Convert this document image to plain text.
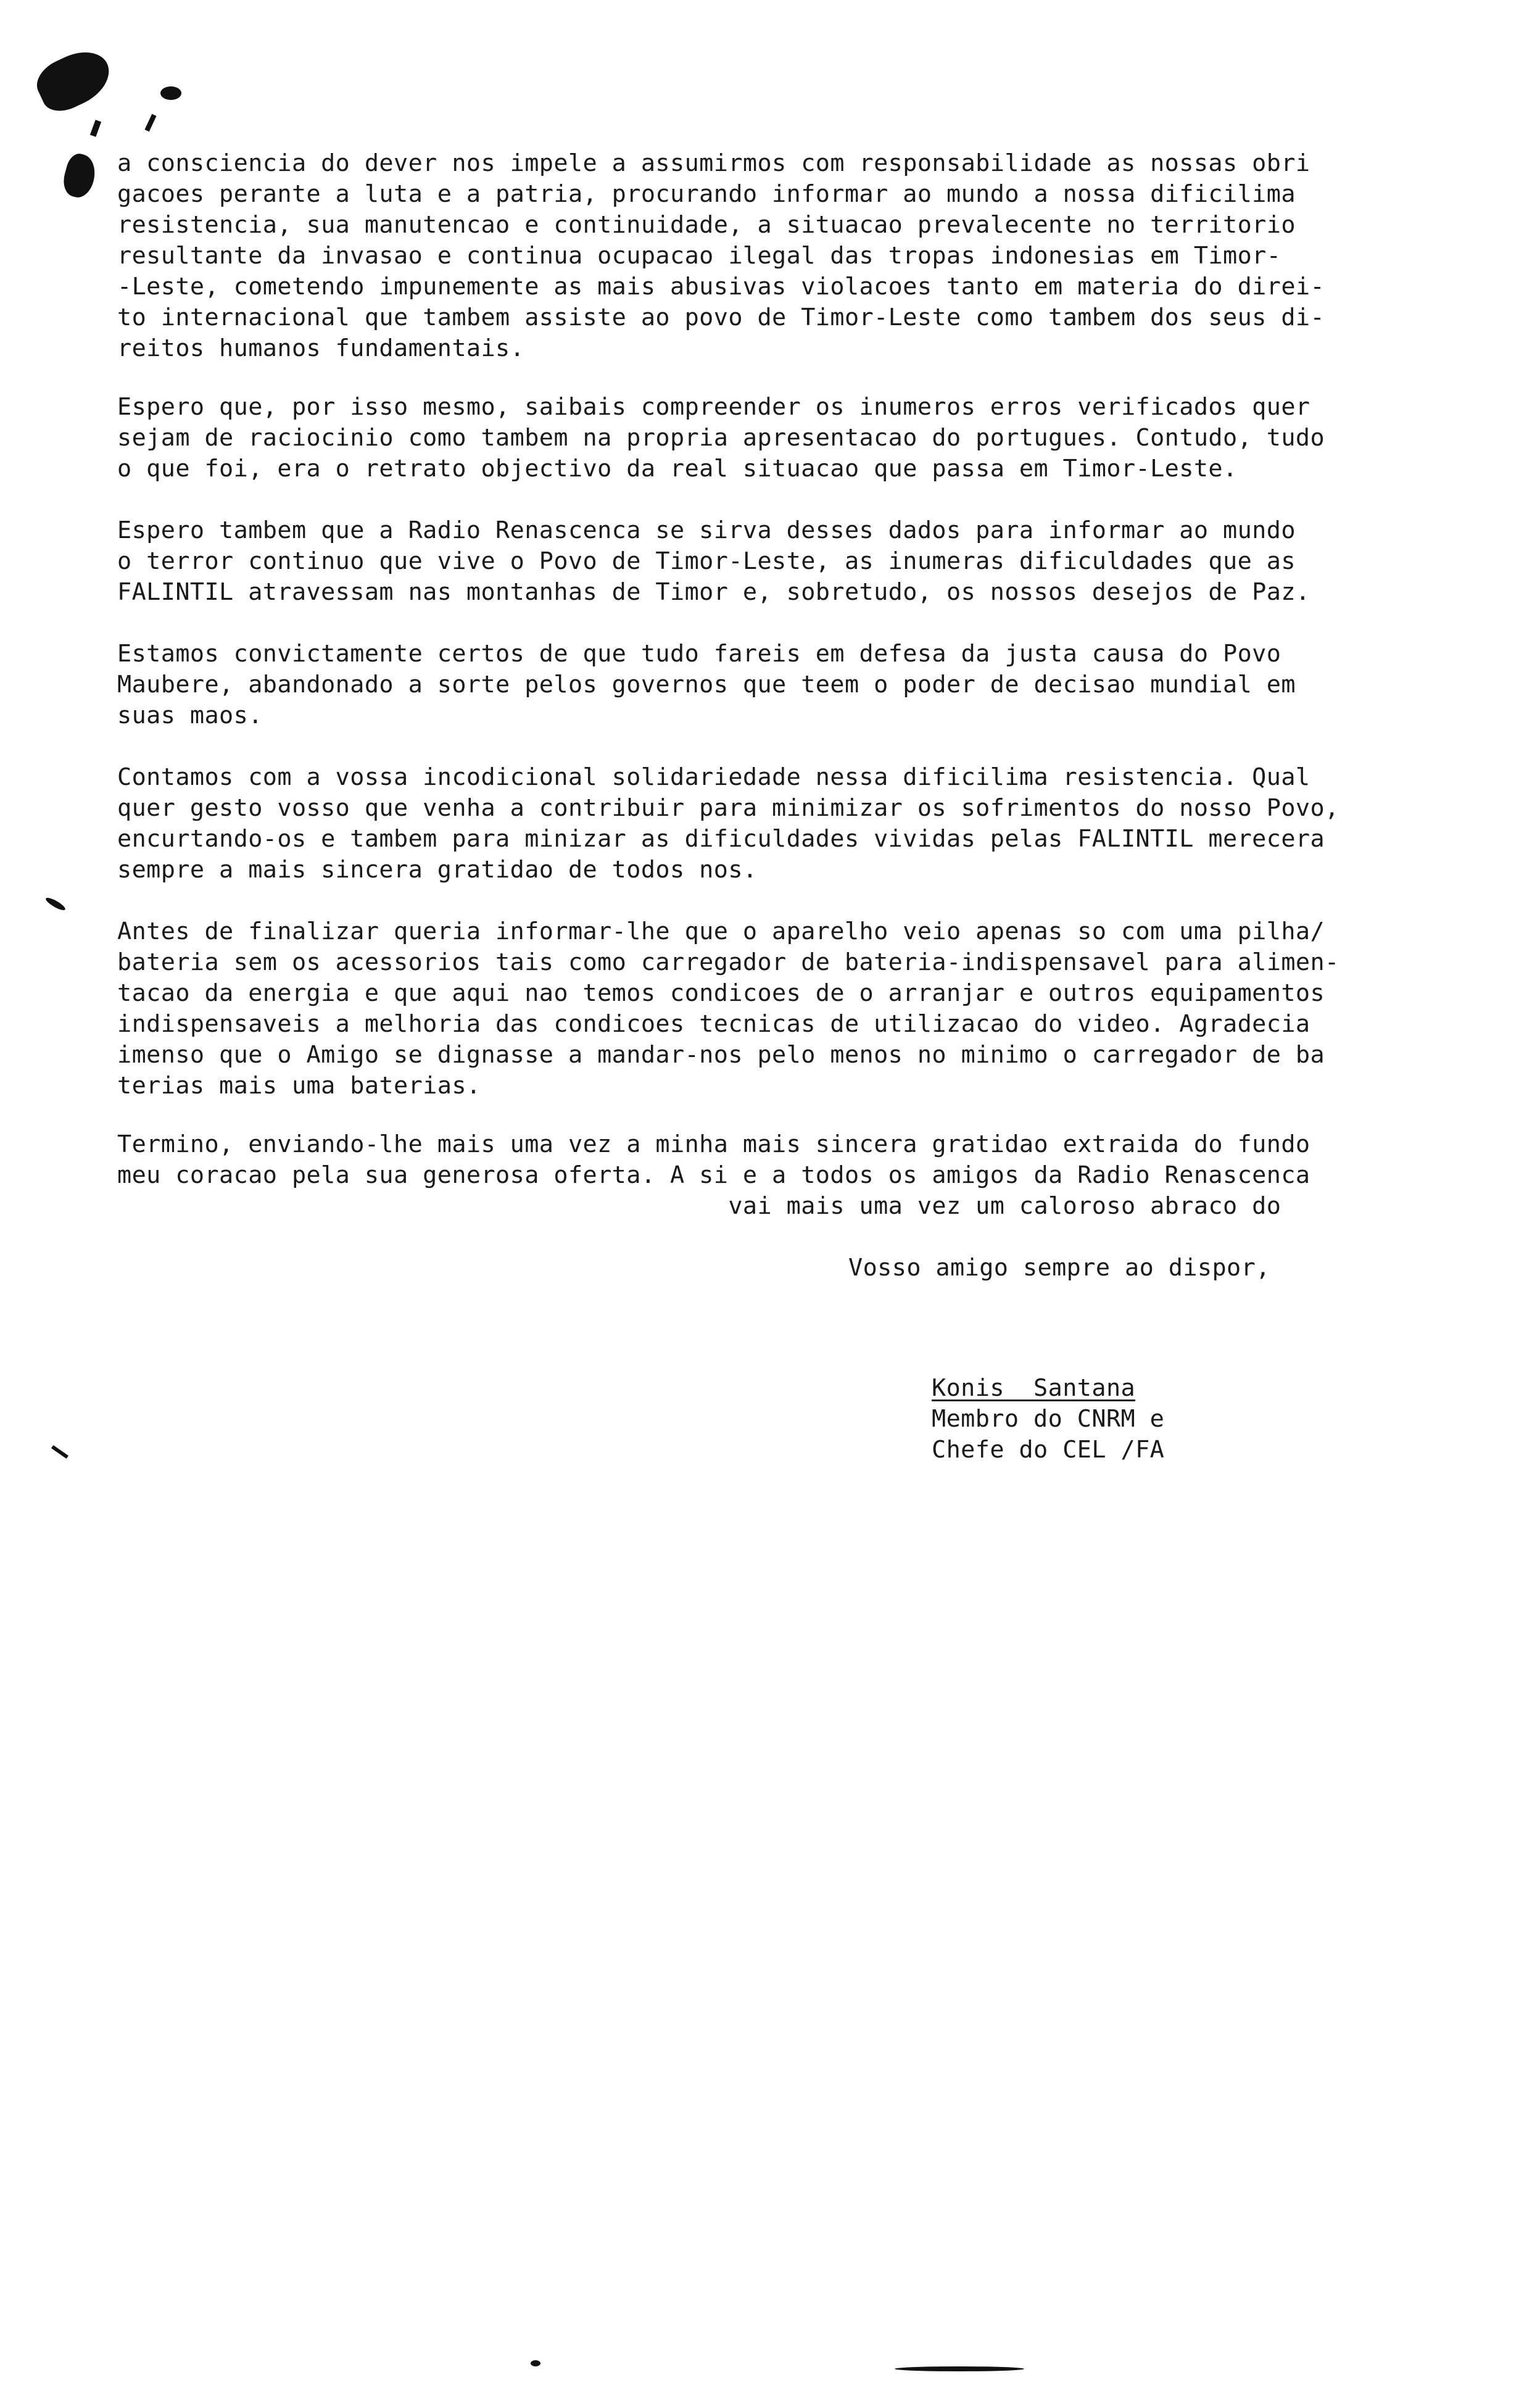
a consciencia do dever nos impele a assumirmos com responsabilidade as nossas obri
gacoes perante a luta e a patria, procurando informar ao mundo a nossa dificilima
resistencia, sua manutencao e continuidade, a situacao prevalecente no territorio
resultante da invasao e continua ocupacao ilegal das tropas indonesias em Timor-
-Leste, cometendo impunemente as mais abusivas violacoes tanto em materia do direi-
to internacional que tambem assiste ao povo de Timor-Leste como tambem dos seus di-
reitos humanos fundamentais.
Espero que, por isso mesmo, saibais compreender os inumeros erros verificados quer
sejam de raciocinio como tambem na propria apresentacao do portugues. Contudo, tudo
o que foi, era o retrato objectivo da real situacao que passa em Timor-Leste.
Espero tambem que a Radio Renascenca se sirva desses dados para informar ao mundo
o terror continuo que vive o Povo de Timor-Leste, as inumeras dificuldades que as
FALINTIL atravessam nas montanhas de Timor e, sobretudo, os nossos desejos de Paz.
Estamos convictamente certos de que tudo fareis em defesa da justa causa do Povo
Maubere, abandonado a sorte pelos governos que teem o poder de decisao mundial em
suas maos.
Contamos com a vossa incodicional solidariedade nessa dificilima resistencia. Qual
quer gesto vosso que venha a contribuir para minimizar os sofrimentos do nosso Povo,
encurtando-os e tambem para minizar as dificuldades vividas pelas FALINTIL merecera
sempre a mais sincera gratidao de todos nos.
Antes de finalizar queria informar-lhe que o aparelho veio apenas so com uma pilha/
bateria sem os acessorios tais como carregador de bateria-indispensavel para alimen-
tacao da energia e que aqui nao temos condicoes de o arranjar e outros equipamentos
indispensaveis a melhoria das condicoes tecnicas de utilizacao do video. Agradecia
imenso que o Amigo se dignasse a mandar-nos pelo menos no minimo o carregador de ba
terias mais uma baterias.
Termino, enviando-lhe mais uma vez a minha mais sincera gratidao extraida do fundo
meu coracao pela sua generosa oferta. A si e a todos os amigos da Radio Renascenca
vai mais uma vez um caloroso abraco do
Vosso amigo sempre ao dispor,
Konis  Santana
Membro do CNRM e
Chefe do CEL /FA
